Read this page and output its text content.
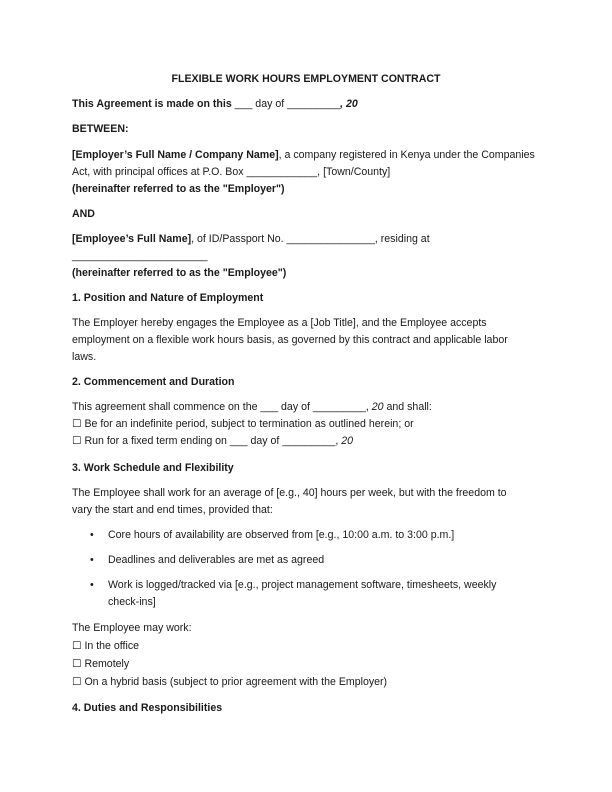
FLEXIBLE WORK HOURS EMPLOYMENT CONTRACT
This Agreement is made on this ___ day of _________, 20
BETWEEN:
[Employer’s Full Name / Company Name], a company registered in Kenya under the Companies
Act, with principal offices at P.O. Box ____________, [Town/County]
(hereinafter referred to as the "Employer")
AND
[Employee’s Full Name], of ID/Passport No. _______________, residing at
_______________________
(hereinafter referred to as the "Employee")
1. Position and Nature of Employment
The Employer hereby engages the Employee as a [Job Title], and the Employee accepts
employment on a flexible work hours basis, as governed by this contract and applicable labor
laws.
2. Commencement and Duration
This agreement shall commence on the ___ day of _________, 20 and shall:
☐ Be for an indefinite period, subject to termination as outlined herein; or
☐ Run for a fixed term ending on ___ day of _________, 20
3. Work Schedule and Flexibility
The Employee shall work for an average of [e.g., 40] hours per week, but with the freedom to
vary the start and end times, provided that:
• Core hours of availability are observed from [e.g., 10:00 a.m. to 3:00 p.m.]
• Deadlines and deliverables are met as agreed
• Work is logged/tracked via [e.g., project management software, timesheets, weekly
check-ins]
The Employee may work:
☐ In the office
☐ Remotely
☐ On a hybrid basis (subject to prior agreement with the Employer)
4. Duties and Responsibilities
